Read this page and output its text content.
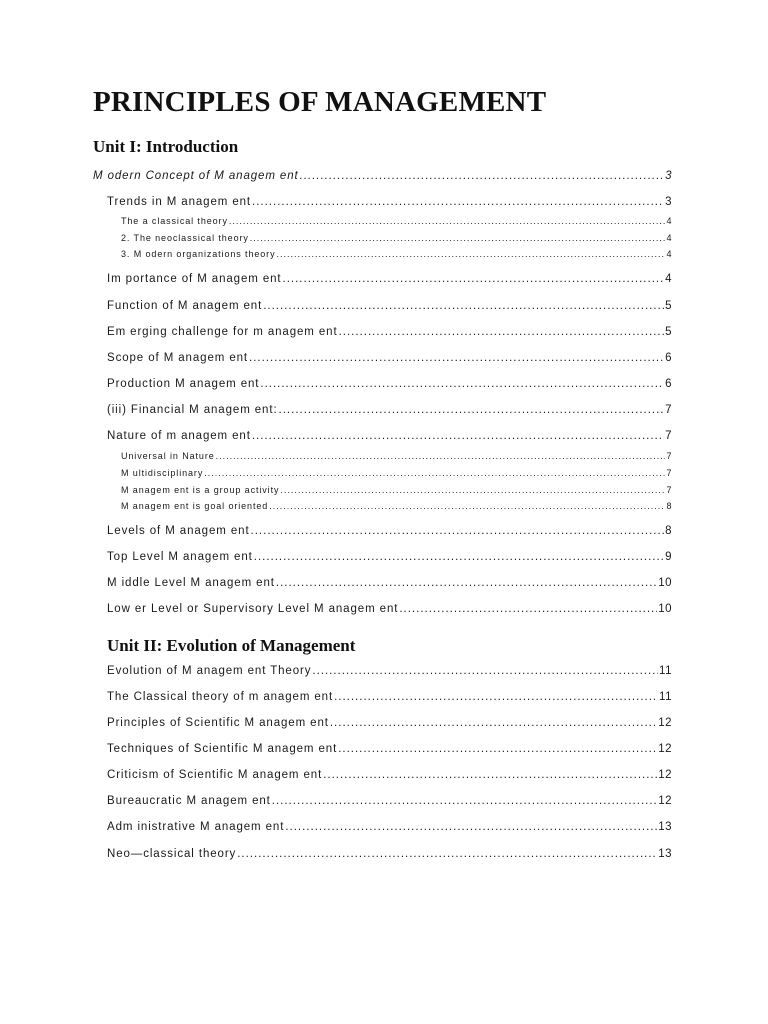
PRINCIPLES OF MANAGEMENT
Unit I: Introduction
M odern Concept of M anagem ent .....	3
Trends in M anagem ent .....	3
The a classical theory .....	4
2. The neoclassical theory .....	4
3. M odern organizations theory .....	4
Im portance of M anagem ent .....	4
Function of M anagem ent .....	5
Em erging challenge for m anagem ent .....	5
Scope of M anagem ent .....	6
Production M anagem ent .....	6
(iii) Financial M anagem ent: .....	7
Nature of m anagem ent .....	7
Universal in Nature .....	7
M ultidisciplinary .....	7
M anagem ent is a group activity .....	7
M anagem ent is goal oriented .....	8
Levels of M anagem ent .....	8
Top Level M anagem ent .....	9
M iddle Level M anagem ent .....	10
Low er Level or Supervisory Level M anagem ent .....	10
Unit II: Evolution of Management
Evolution of M anagem ent Theory .....	11
The Classical theory of m anagem ent .....	11
Principles of Scientific M anagem ent .....	12
Techniques of Scientific M anagem ent .....	12
Criticism of Scientific M anagem ent .....	12
Bureaucratic M anagem ent .....	12
Adm inistrative M anagem ent .....	13
Neo—classical theory .....	13
